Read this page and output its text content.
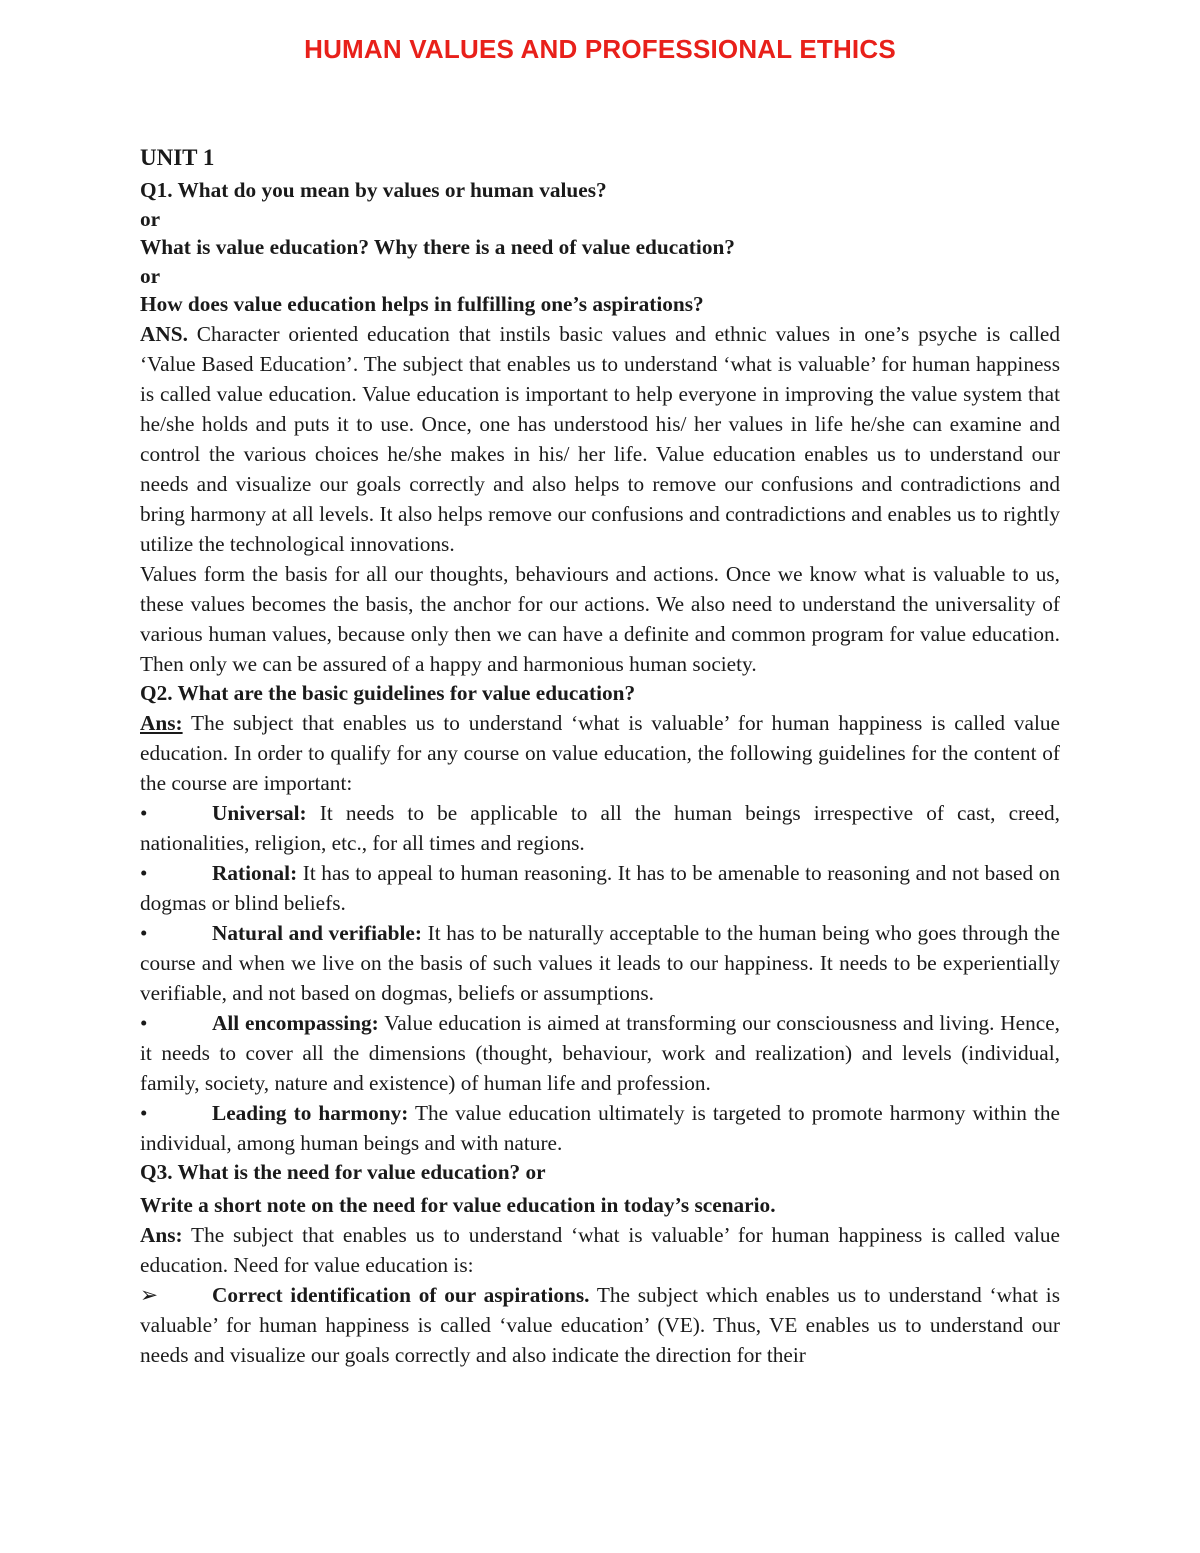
HUMAN VALUES AND PROFESSIONAL ETHICS
UNIT 1

Q1. What do you mean by values or human values?

or

What is value education? Why there is a need of value education?

or

How does value education helps in fulfilling one’s aspirations?

ANS. Character oriented education that instils basic values and ethnic values in one’s psyche is called ‘Value Based Education’. The subject that enables us to understand ‘what is valuable’ for human happiness is called value education. Value education is important to help everyone in improving the value system that he/she holds and puts it to use. Once, one has understood his/ her values in life he/she can examine and control the various choices he/she makes in his/ her life. Value education enables us to understand our needs and visualize our goals correctly and also helps to remove our confusions and contradictions and bring harmony at all levels. It also helps remove our confusions and contradictions and enables us to rightly utilize the technological innovations.

Values form the basis for all our thoughts, behaviours and actions. Once we know what is valuable to us, these values becomes the basis, the anchor for our actions. We also need to understand the universality of various human values, because only then we can have a definite and common program for value education. Then only we can be assured of a happy and harmonious human society.

Q2. What are the basic guidelines for value education?

Ans: The subject that enables us to understand ‘what is valuable’ for human happiness is called value education. In order to qualify for any course on value education, the following guidelines for the content of the course are important:

•	Universal: It needs to be applicable to all the human beings irrespective of cast, creed, nationalities, religion, etc., for all times and regions.

•	Rational: It has to appeal to human reasoning. It has to be amenable to reasoning and not based on dogmas or blind beliefs.

•	Natural and verifiable: It has to be naturally acceptable to the human being who goes through the course and when we live on the basis of such values it leads to our happiness. It needs to be experientially verifiable, and not based on dogmas, beliefs or assumptions.

•	All encompassing: Value education is aimed at transforming our consciousness and living. Hence, it needs to cover all the dimensions (thought, behaviour, work and realization) and levels (individual, family, society, nature and existence) of human life and profession.

•	Leading to harmony: The value education ultimately is targeted to promote harmony within the individual, among human beings and with nature.

Q3. What is the need for value education? or

Write a short note on the need for value education in today’s scenario.

Ans: The subject that enables us to understand ‘what is valuable’ for human happiness is called value education. Need for value education is:

➢	Correct identification of our aspirations. The subject which enables us to understand ‘what is valuable’ for human happiness is called ‘value education’ (VE). Thus, VE enables us to understand our needs and visualize our goals correctly and also indicate the direction for their
